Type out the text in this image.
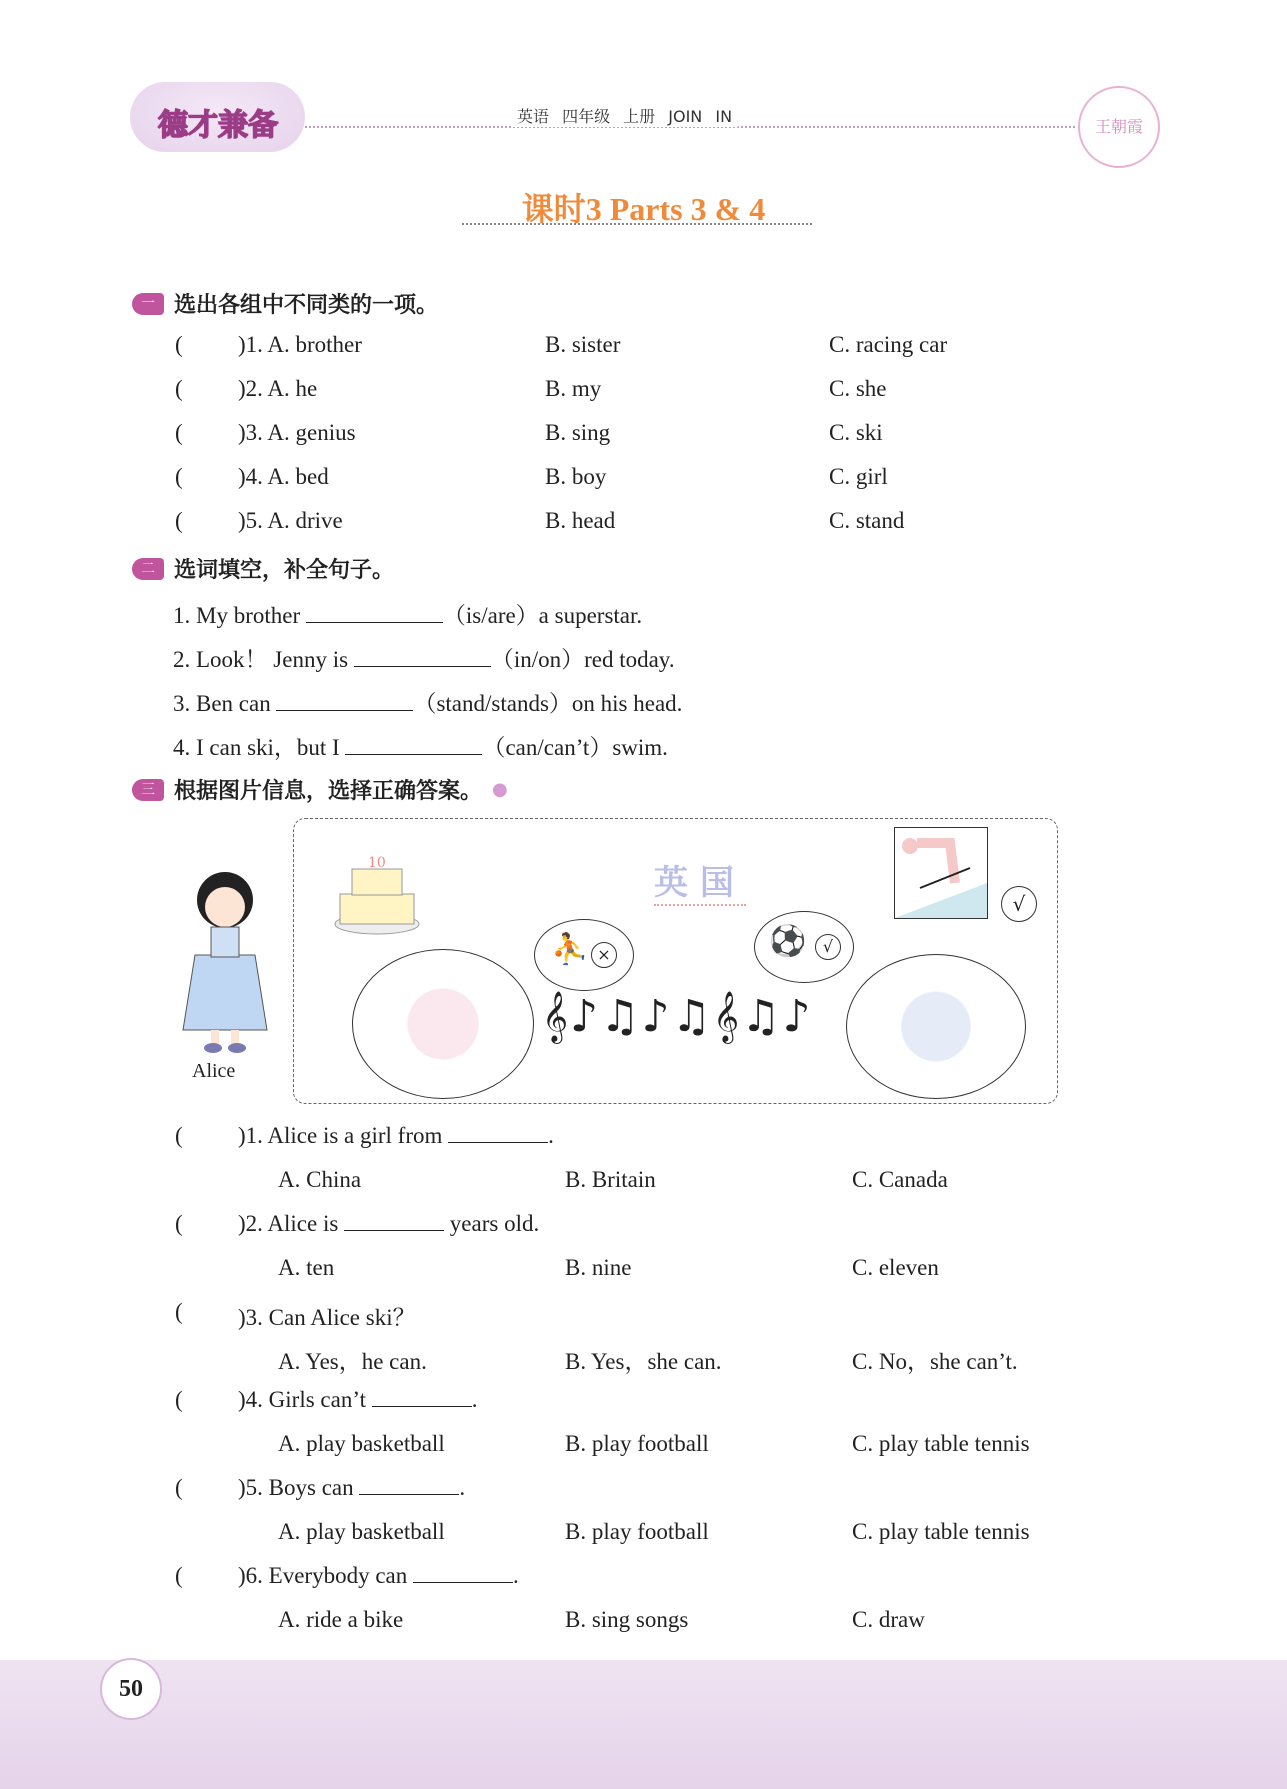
德才兼备	英语 四年级 上册 JOIN IN
王朝霞
课时3 Parts 3 & 4
一 选出各组中不同类的一项。
( )1. A. brother	B. sister	C. racing car
( )2. A. he	B. my	C. she
( )3. A. genius	B. sing	C. ski
( )4. A. bed	B. boy	C. girl
( )5. A. drive	B. head	C. stand
二 选词填空，补全句子。
1. My brother	（is/are）a superstar.
2. Look！ Jenny is	（in/on）red today.
3. Ben can	（stand/stands）on his head.
4. I can ski，but I	（can/can’t）swim.
三 根据图片信息，选择正确答案。 ●
Alice
10	英国
√
⛹ ×	⚽	√
𝄞♪♫♪♫𝄞♫♪
( )1. Alice is a girl from	.
A. China	B. Britain	C. Canada
( )2. Alice is	years old.
A. ten	B. nine	C. eleven
( )3. Can Alice ski？
A. Yes，he can.	B. Yes，she can.	C. No，she can’t.
( )4. Girls can’t	.
A. play basketball	B. play football	C. play table tennis
( )5. Boys can	.
A. play basketball	B. play football	C. play table tennis
( )6. Everybody can	.
A. ride a bike	B. sing songs	C. draw
50
